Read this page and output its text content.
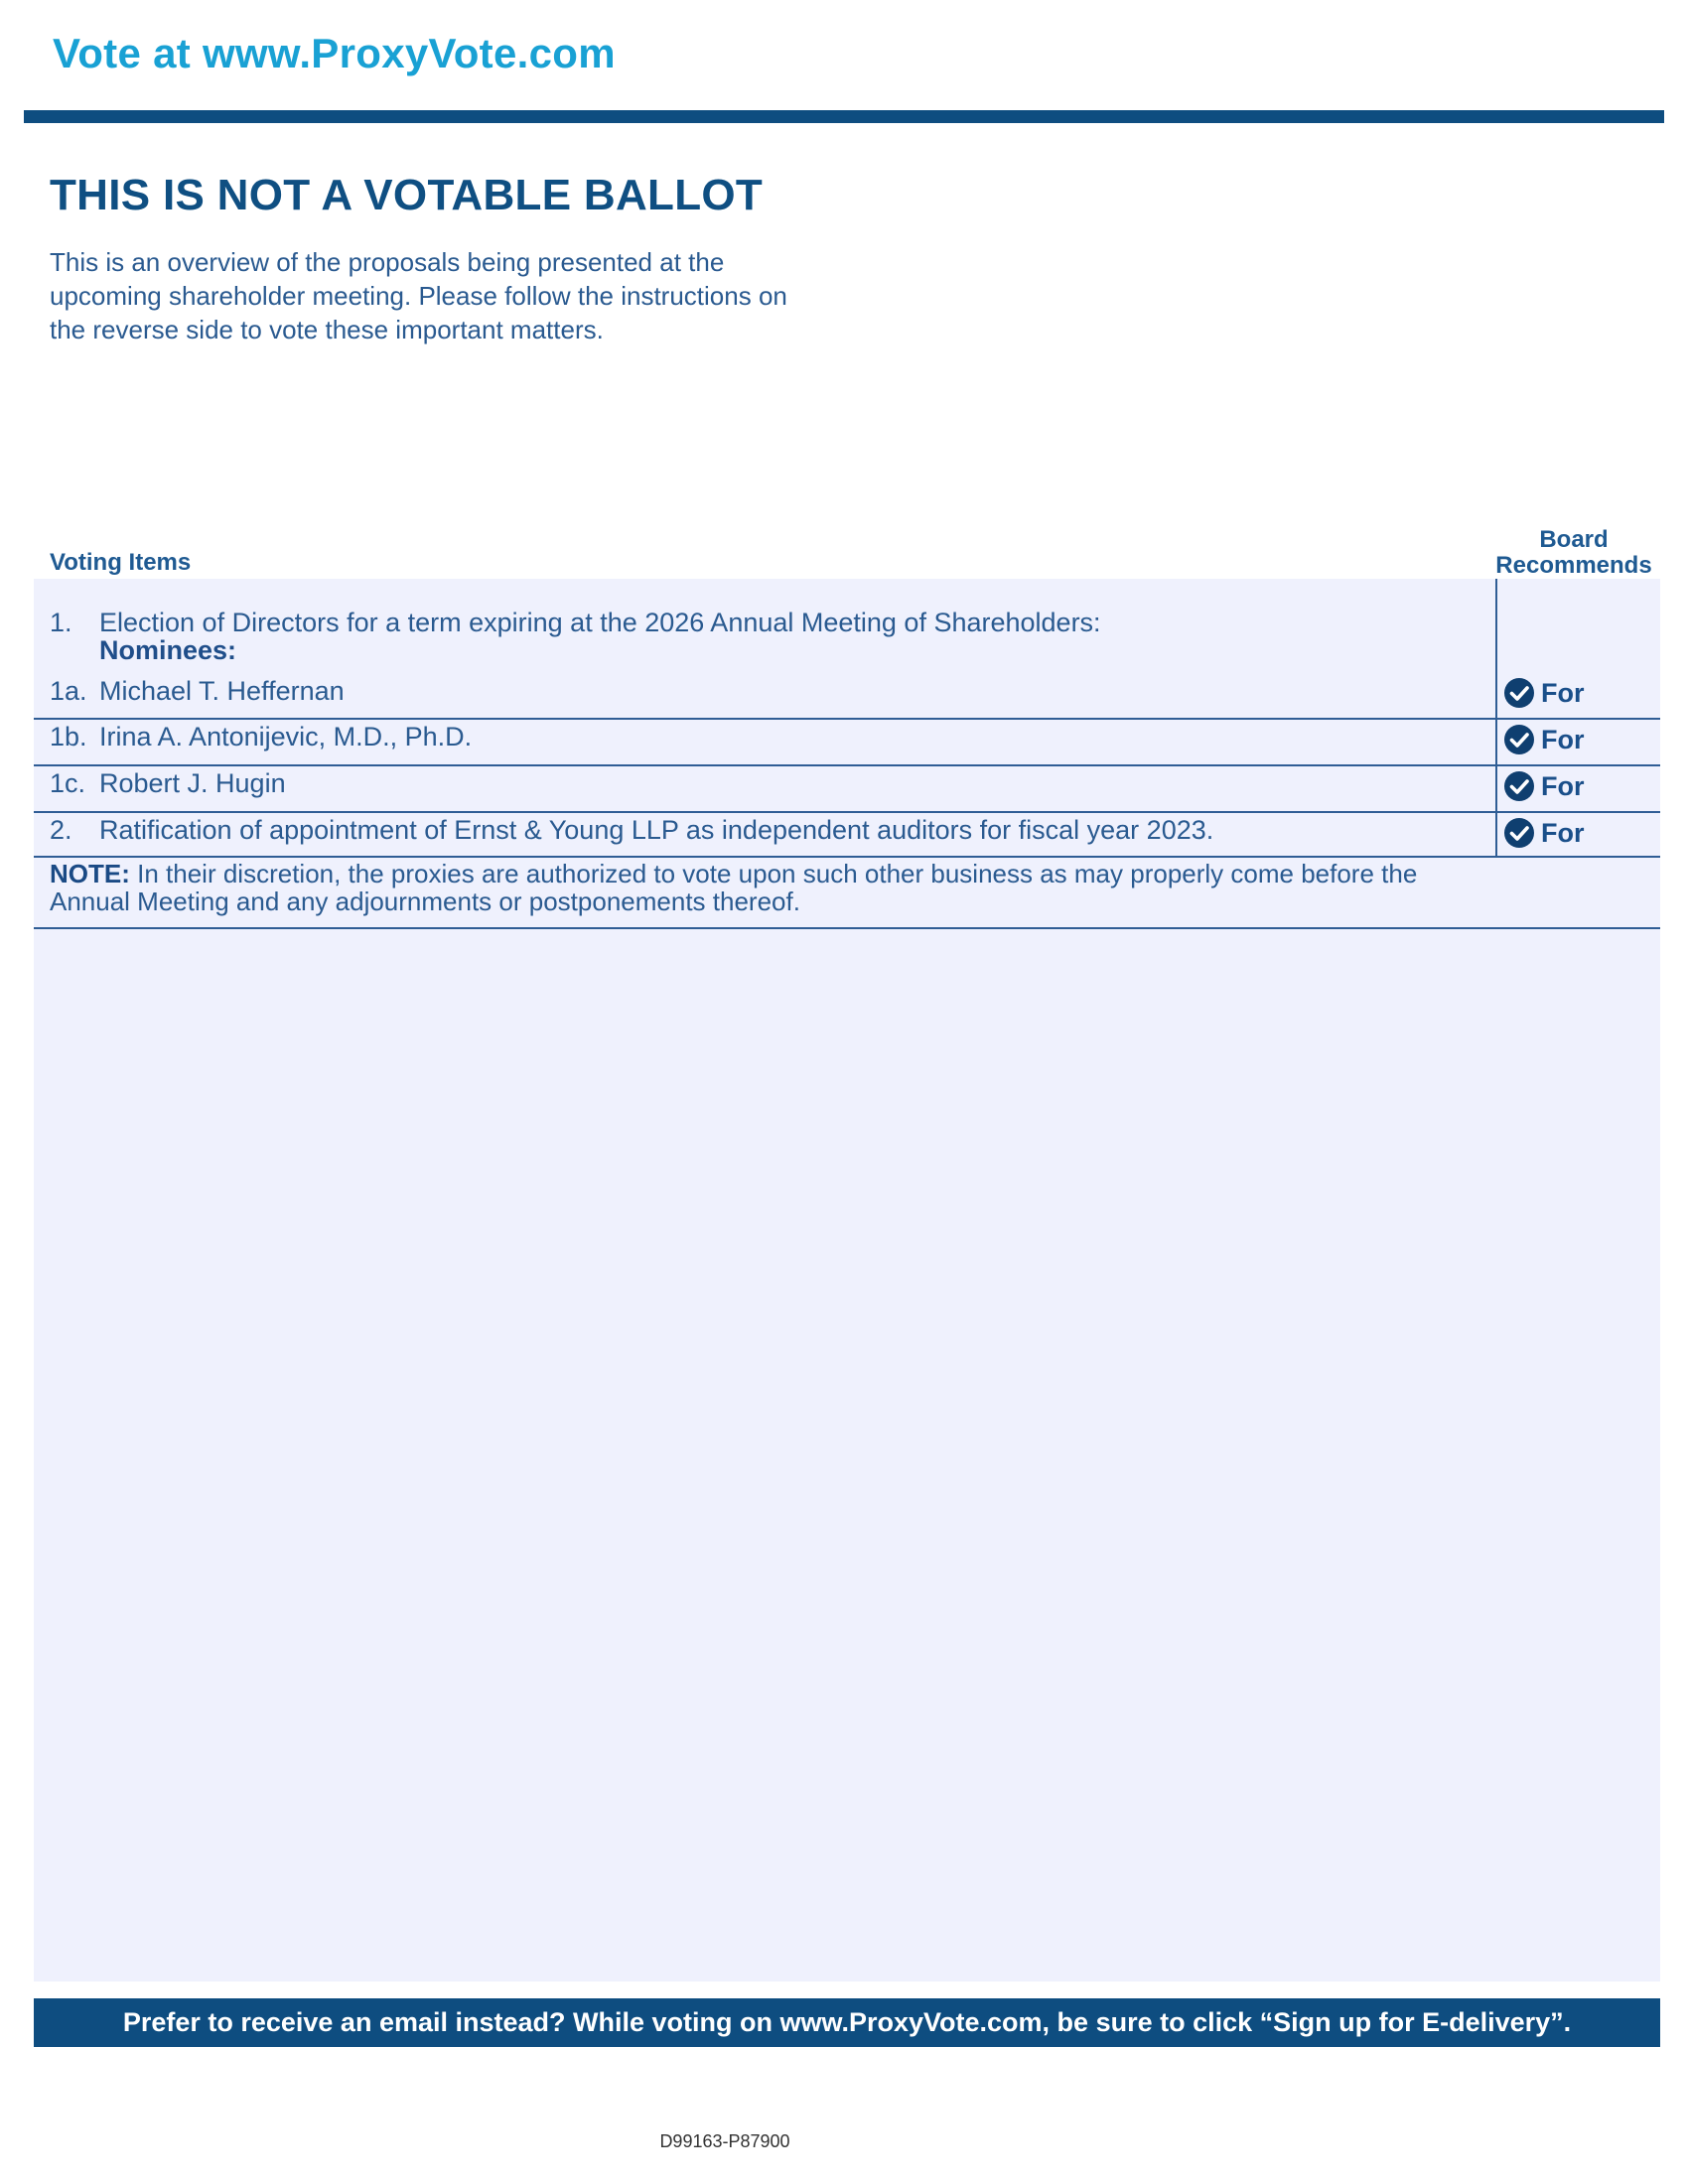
Vote at www.ProxyVote.com
THIS IS NOT A VOTABLE BALLOT
This is an overview of the proposals being presented at the
upcoming shareholder meeting. Please follow the instructions on
the reverse side to vote these important matters.
Board
Recommends
Voting Items
1. Election of Directors for a term expiring at the 2026 Annual Meeting of Shareholders:
Nominees:
1a. Michael T. Heffernan	For
1b. Irina A. Antonijevic, M.D., Ph.D.	For
1c. Robert J. Hugin	For
2. Ratification of appointment of Ernst & Young LLP as independent auditors for fiscal year 2023.	For
NOTE: In their discretion, the proxies are authorized to vote upon such other business as may properly come before the Annual Meeting and any adjournments or postponements thereof.
Prefer to receive an email instead? While voting on www.ProxyVote.com, be sure to click “Sign up for E-delivery”.
D99163-P87900
